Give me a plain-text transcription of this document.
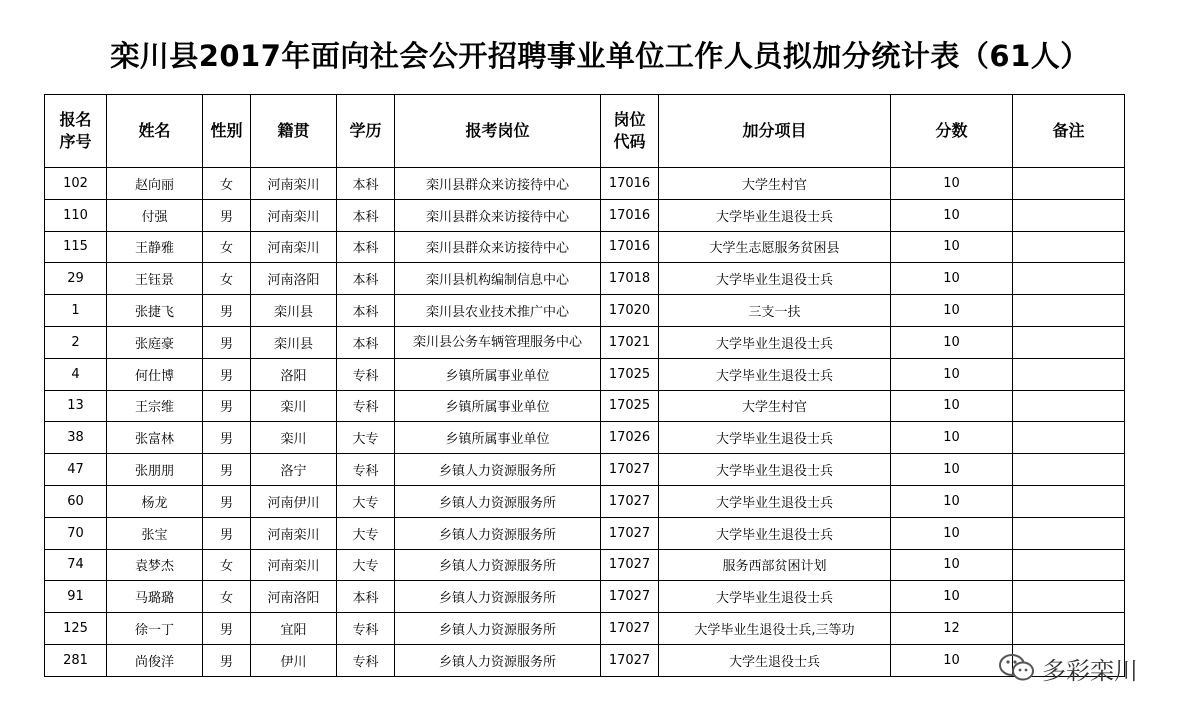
栾川县2017年面向社会公开招聘事业单位工作人员拟加分统计表（61人）
报名序号	姓名	性别	籍贯	学历	报考岗位	岗位代码	加分项目	分数	备注
102	赵向丽	女	河南栾川	本科	栾川县群众来访接待中心	17016	大学生村官	10	
110	付强	男	河南栾川	本科	栾川县群众来访接待中心	17016	大学毕业生退役士兵	10	
115	王静雅	女	河南栾川	本科	栾川县群众来访接待中心	17016	大学生志愿服务贫困县	10	
29	王钰景	女	河南洛阳	本科	栾川县机构编制信息中心	17018	大学毕业生退役士兵	10	
1	张捷飞	男	栾川县	本科	栾川县农业技术推广中心	17020	三支一扶	10	
2	张庭豪	男	栾川县	本科	栾川县公务车辆管理服务中心	17021	大学毕业生退役士兵	10	
4	何仕博	男	洛阳	专科	乡镇所属事业单位	17025	大学毕业生退役士兵	10	
13	王宗维	男	栾川	专科	乡镇所属事业单位	17025	大学生村官	10	
38	张富林	男	栾川	大专	乡镇所属事业单位	17026	大学毕业生退役士兵	10	
47	张朋朋	男	洛宁	专科	乡镇人力资源服务所	17027	大学毕业生退役士兵	10	
60	杨龙	男	河南伊川	大专	乡镇人力资源服务所	17027	大学毕业生退役士兵	10	
70	张宝	男	河南栾川	大专	乡镇人力资源服务所	17027	大学毕业生退役士兵	10	
74	袁梦杰	女	河南栾川	大专	乡镇人力资源服务所	17027	服务西部贫困计划	10	
91	马璐璐	女	河南洛阳	本科	乡镇人力资源服务所	17027	大学毕业生退役士兵	10	
125	徐一丁	男	宜阳	专科	乡镇人力资源服务所	17027	大学毕业生退役士兵,三等功	12	
281	尚俊洋	男	伊川	专科	乡镇人力资源服务所	17027	大学生退役士兵	10		多彩栾川
